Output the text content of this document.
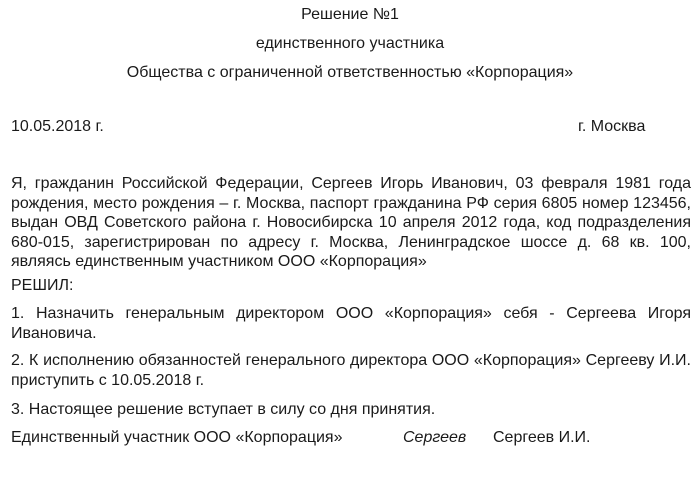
Решение №1
единственного участника
Общества с ограниченной ответственностью «Корпорация»
10.05.2018 г.	г. Москва
Я, гражданин Российской Федерации, Сергеев Игорь Иванович, 03 февраля 1981 года рождения, место рождения – г. Москва, паспорт гражданина РФ серия 6805 номер 123456, выдан ОВД Советского района г. Новосибирска 10 апреля 2012 года, код подразделения 680-015, зарегистрирован по адресу г. Москва, Ленинградское шоссе д. 68 кв. 100, являясь единственным участником ООО «Корпорация»
РЕШИЛ:
1. Назначить генеральным директором ООО «Корпорация» себя - Сергеева Игоря Ивановича.
2. К исполнению обязанностей генерального директора ООО «Корпорация» Сергееву И.И. приступить с 10.05.2018 г.
3. Настоящее решение вступает в силу со дня принятия.
Единственный участник ООО «Корпорация»	Сергеев Сергеев И.И.
